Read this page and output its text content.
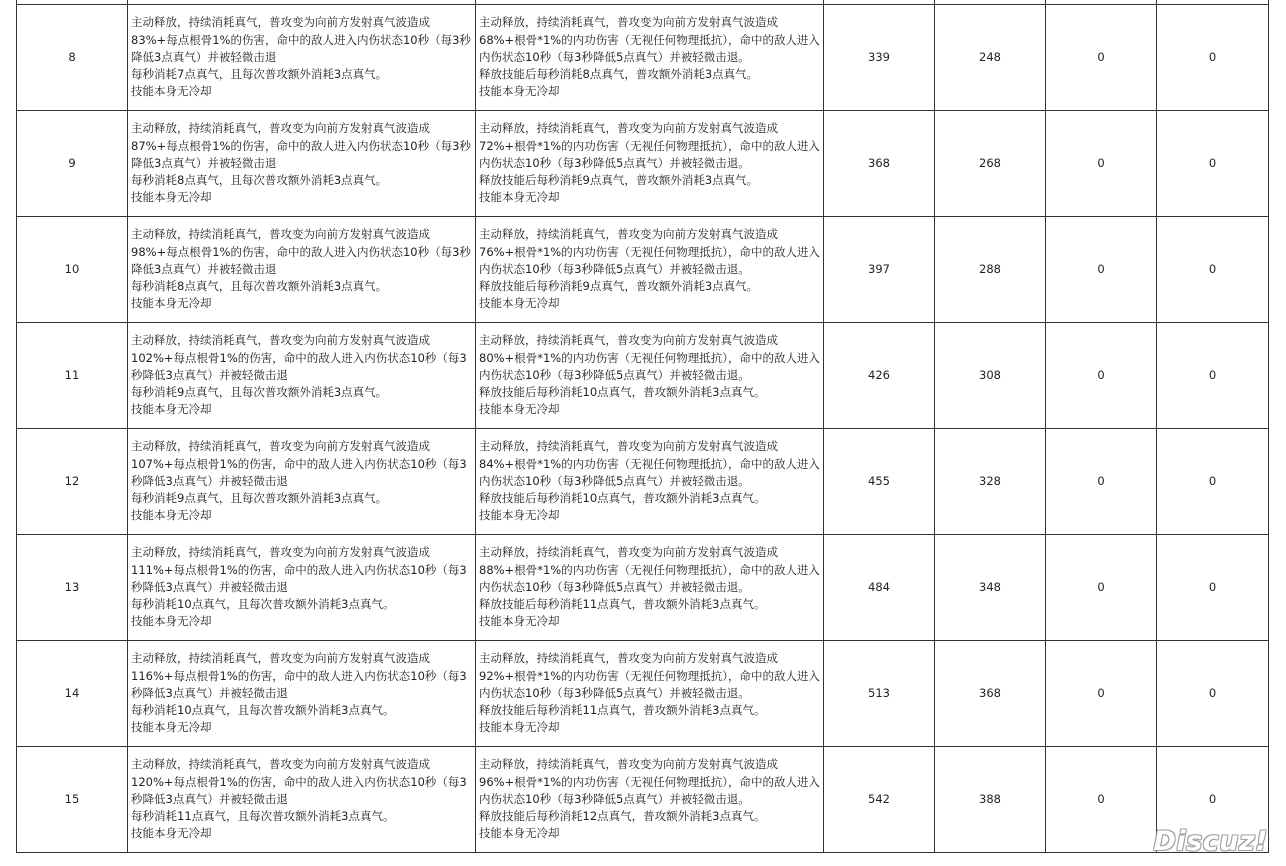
8	主动释放，持续消耗真气，普攻变为向前方发射真气波造成
83%+每点根骨1%的伤害，命中的敌人进入内伤状态10秒（每3秒降低3点真气）并被轻微击退
每秒消耗7点真气，且每次普攻额外消耗3点真气。
技能本身无冷却	主动释放，持续消耗真气，普攻变为向前方发射真气波造成
68%+根骨*1%的内功伤害（无视任何物理抵抗），命中的敌人进入内伤状态10秒（每3秒降低5点真气）并被轻微击退。
释放技能后每秒消耗8点真气，普攻额外消耗3点真气。
技能本身无冷却	339	248	0	0
9	主动释放，持续消耗真气，普攻变为向前方发射真气波造成
87%+每点根骨1%的伤害，命中的敌人进入内伤状态10秒（每3秒降低3点真气）并被轻微击退
每秒消耗8点真气，且每次普攻额外消耗3点真气。
技能本身无冷却	主动释放，持续消耗真气，普攻变为向前方发射真气波造成
72%+根骨*1%的内功伤害（无视任何物理抵抗），命中的敌人进入内伤状态10秒（每3秒降低5点真气）并被轻微击退。
释放技能后每秒消耗9点真气，普攻额外消耗3点真气。
技能本身无冷却	368	268	0	0
10	主动释放，持续消耗真气，普攻变为向前方发射真气波造成
98%+每点根骨1%的伤害，命中的敌人进入内伤状态10秒（每3秒降低3点真气）并被轻微击退
每秒消耗8点真气，且每次普攻额外消耗3点真气。
技能本身无冷却	主动释放，持续消耗真气，普攻变为向前方发射真气波造成
76%+根骨*1%的内功伤害（无视任何物理抵抗），命中的敌人进入内伤状态10秒（每3秒降低5点真气）并被轻微击退。
释放技能后每秒消耗9点真气，普攻额外消耗3点真气。
技能本身无冷却	397	288	0	0
11	主动释放，持续消耗真气，普攻变为向前方发射真气波造成
102%+每点根骨1%的伤害，命中的敌人进入内伤状态10秒（每3秒降低3点真气）并被轻微击退
每秒消耗9点真气，且每次普攻额外消耗3点真气。
技能本身无冷却	主动释放，持续消耗真气，普攻变为向前方发射真气波造成
80%+根骨*1%的内功伤害（无视任何物理抵抗），命中的敌人进入内伤状态10秒（每3秒降低5点真气）并被轻微击退。
释放技能后每秒消耗10点真气，普攻额外消耗3点真气。
技能本身无冷却	426	308	0	0
12	主动释放，持续消耗真气，普攻变为向前方发射真气波造成
107%+每点根骨1%的伤害，命中的敌人进入内伤状态10秒（每3秒降低3点真气）并被轻微击退
每秒消耗9点真气，且每次普攻额外消耗3点真气。
技能本身无冷却	主动释放，持续消耗真气，普攻变为向前方发射真气波造成
84%+根骨*1%的内功伤害（无视任何物理抵抗），命中的敌人进入内伤状态10秒（每3秒降低5点真气）并被轻微击退。
释放技能后每秒消耗10点真气，普攻额外消耗3点真气。
技能本身无冷却	455	328	0	0
13	主动释放，持续消耗真气，普攻变为向前方发射真气波造成
111%+每点根骨1%的伤害，命中的敌人进入内伤状态10秒（每3秒降低3点真气）并被轻微击退
每秒消耗10点真气，且每次普攻额外消耗3点真气。
技能本身无冷却	主动释放，持续消耗真气，普攻变为向前方发射真气波造成
88%+根骨*1%的内功伤害（无视任何物理抵抗），命中的敌人进入内伤状态10秒（每3秒降低5点真气）并被轻微击退。
释放技能后每秒消耗11点真气，普攻额外消耗3点真气。
技能本身无冷却	484	348	0	0
14	主动释放，持续消耗真气，普攻变为向前方发射真气波造成
116%+每点根骨1%的伤害，命中的敌人进入内伤状态10秒（每3秒降低3点真气）并被轻微击退
每秒消耗10点真气，且每次普攻额外消耗3点真气。
技能本身无冷却	主动释放，持续消耗真气，普攻变为向前方发射真气波造成
92%+根骨*1%的内功伤害（无视任何物理抵抗），命中的敌人进入内伤状态10秒（每3秒降低5点真气）并被轻微击退。
释放技能后每秒消耗11点真气，普攻额外消耗3点真气。
技能本身无冷却	513	368	0	0
15	主动释放，持续消耗真气，普攻变为向前方发射真气波造成
120%+每点根骨1%的伤害，命中的敌人进入内伤状态10秒（每3秒降低3点真气）并被轻微击退
每秒消耗11点真气，且每次普攻额外消耗3点真气。
技能本身无冷却	主动释放，持续消耗真气，普攻变为向前方发射真气波造成
96%+根骨*1%的内功伤害（无视任何物理抵抗），命中的敌人进入内伤状态10秒（每3秒降低5点真气）并被轻微击退。
释放技能后每秒消耗12点真气，普攻额外消耗3点真气。
技能本身无冷却	542	388	0	0
Discuz!
